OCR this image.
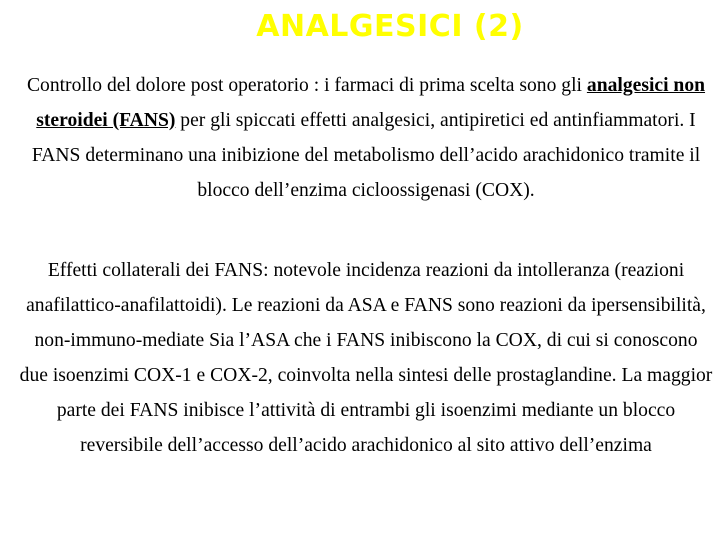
ANALGESICI (2)
Controllo del dolore post operatorio : i farmaci di prima scelta sono gli analgesici non steroidei (FANS) per gli spiccati effetti analgesici, antipiretici ed antinfiammatori. I FANS determinano una inibizione del metabolismo dell’acido arachidonico tramite il blocco dell’enzima cicloossigenasi (COX).
Effetti collaterali dei FANS: notevole incidenza reazioni da intolleranza (reazioni anafilattico-anafilattoidi). Le reazioni da ASA e FANS sono reazioni da ipersensibilità, non-immuno-mediate Sia l’ASA che i FANS inibiscono la COX, di cui si conoscono due isoenzimi COX-1 e COX-2, coinvolta nella sintesi delle prostaglandine. La maggior parte dei FANS inibisce l’attività di entrambi gli isoenzimi mediante un blocco reversibile dell’accesso dell’acido arachidonico al sito attivo dell’enzima
